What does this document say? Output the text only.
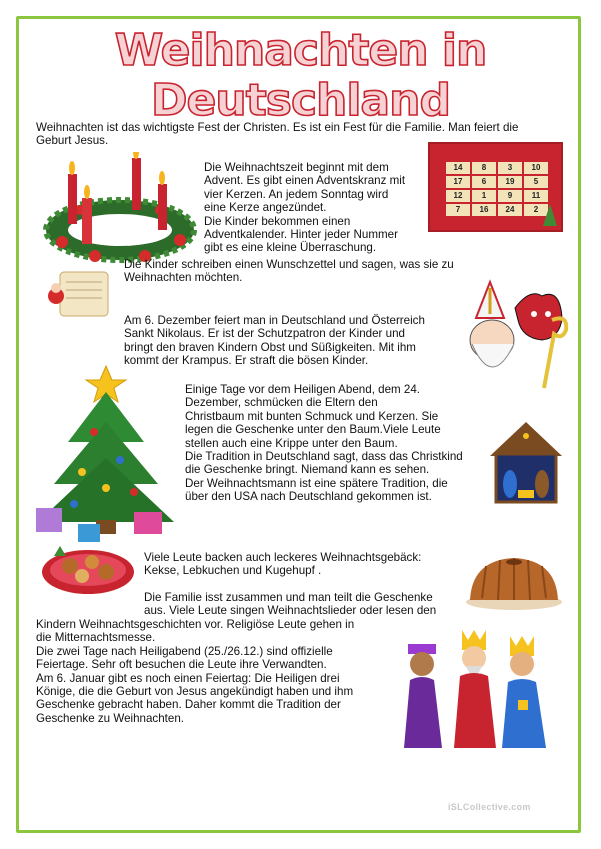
Weihnachten in Deutschland
Weihnachten ist das wichtigste Fest der Christen. Es ist ein Fest für die Familie. Man feiert die
Geburt Jesus.
Die Weihnachtszeit beginnt mit dem
Advent. Es gibt einen Adventskranz mit
vier Kerzen. An jedem Sonntag wird
eine Kerze angezündet.
Die Kinder bekommen einen
Adventkalender. Hinter jeder Nummer
gibt es eine kleine Überraschung.
14	8	3	10
17	6	19	5
12	1	9	11
7	16	24	2
Die Kinder schreiben einen Wunschzettel und sagen, was sie zu
Weihnachten möchten.
Am 6. Dezember feiert man in Deutschland und Österreich
Sankt Nikolaus. Er ist der Schutzpatron der Kinder und
bringt den braven Kindern Obst und Süßigkeiten. Mit ihm
kommt der Krampus. Er straft die bösen Kinder.
Einige Tage vor dem Heiligen Abend, dem 24.
Dezember, schmücken die Eltern den
Christbaum mit bunten Schmuck und Kerzen. Sie
legen die Geschenke unter den Baum.Viele Leute
stellen auch eine Krippe unter den Baum.
Die Tradition in Deutschland sagt, dass das Christkind
die Geschenke bringt. Niemand kann es sehen.
Der Weihnachtsmann ist eine spätere Tradition, die
über den USA nach Deutschland gekommen ist.
Viele Leute backen auch leckeres Weihnachtsgebäck:
Kekse, Lebkuchen und Kugehupf .
Die Familie isst zusammen und man teilt die Geschenke
aus. Viele Leute singen Weihnachtslieder oder lesen den
Kindern Weihnachtsgeschichten vor. Religiöse Leute gehen in
die Mitternachtsmesse.
Die zwei Tage nach Heiligabend (25./26.12.) sind offizielle
Feiertage. Sehr oft besuchen die Leute ihre Verwandten.
Am 6. Januar gibt es noch einen Feiertag: Die Heiligen drei
Könige, die die Geburt von Jesus angekündigt haben und ihm
Geschenke gebracht haben. Daher kommt die Tradition der
Geschenke zu Weihnachten.
iSLCollective.com
